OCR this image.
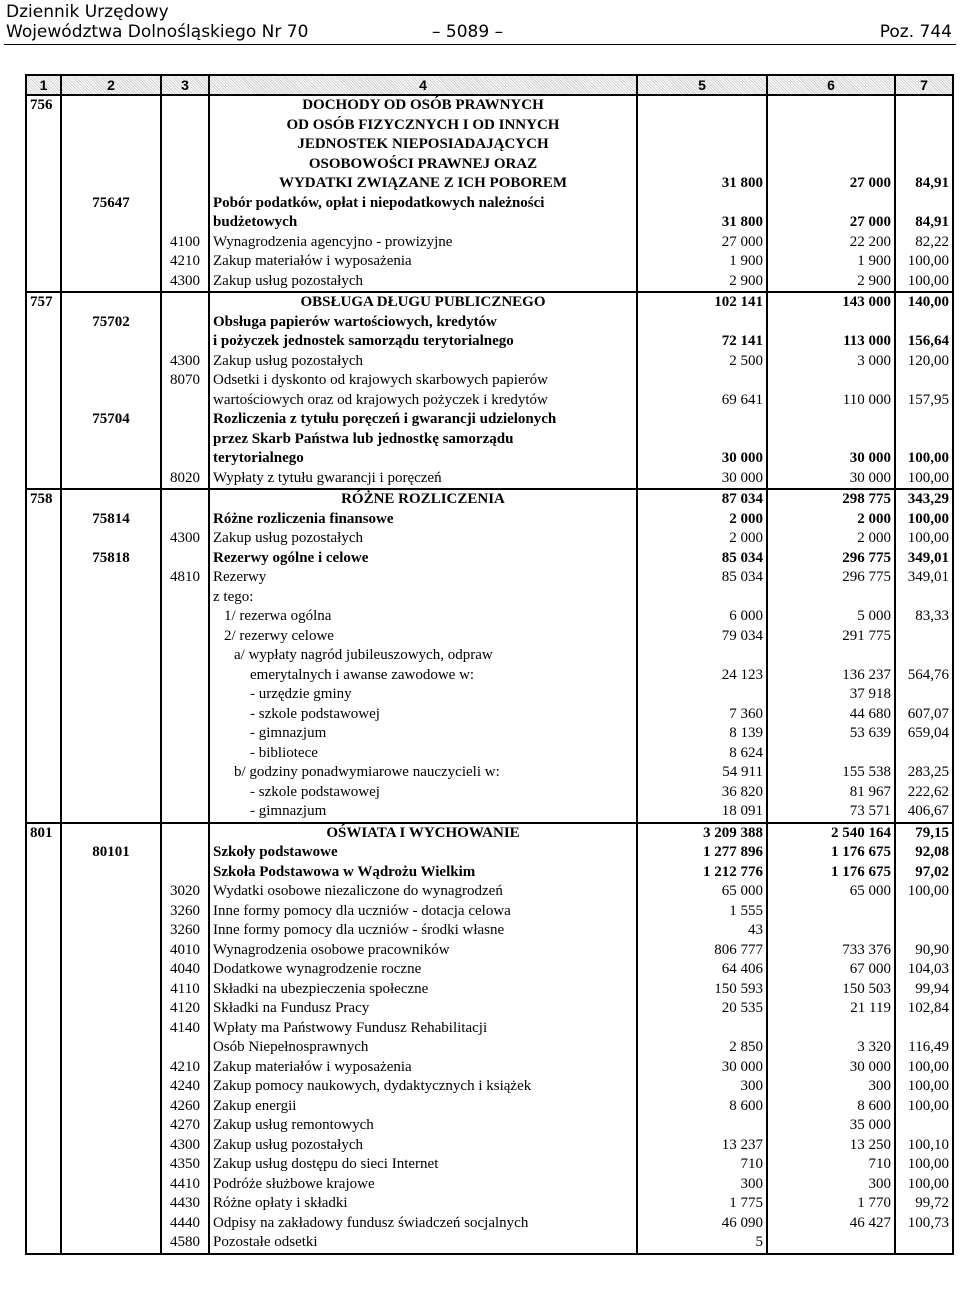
Dziennik Urzędowy
Województwa Dolnośląskiego Nr 70	– 5089 –	Poz. 744
1	2	3	4	5	6	7
756			DOCHODY OD OSÓB PRAWNYCH			
			OD OSÓB FIZYCZNYCH I OD INNYCH			
			JEDNOSTEK NIEPOSIADAJĄCYCH			
			OSOBOWOŚCI PRAWNEJ ORAZ			
			WYDATKI ZWIĄZANE Z ICH POBOREM	31 800	27 000	84,91
	75647		Pobór podatków, opłat i niepodatkowych należności			
			budżetowych	31 800	27 000	84,91
		4100	Wynagrodzenia agencyjno - prowizyjne	27 000	22 200	82,22
		4210	Zakup materiałów i wyposażenia	1 900	1 900	100,00
		4300	Zakup usług pozostałych	2 900	2 900	100,00
757			OBSŁUGA DŁUGU PUBLICZNEGO	102 141	143 000	140,00
	75702		Obsługa papierów wartościowych, kredytów			
			i pożyczek jednostek samorządu terytorialnego	72 141	113 000	156,64
		4300	Zakup usług pozostałych	2 500	3 000	120,00
		8070	Odsetki i dyskonto od krajowych skarbowych papierów			
			wartościowych oraz od krajowych pożyczek i kredytów	69 641	110 000	157,95
	75704		Rozliczenia z tytułu poręczeń i gwarancji udzielonych			
			przez Skarb Państwa lub jednostkę samorządu			
			terytorialnego	30 000	30 000	100,00
		8020	Wypłaty z tytułu gwarancji i poręczeń	30 000	30 000	100,00
758			RÓŻNE ROZLICZENIA	87 034	298 775	343,29
	75814		Różne rozliczenia finansowe	2 000	2 000	100,00
		4300	Zakup usług pozostałych	2 000	2 000	100,00
	75818		Rezerwy ogólne i celowe	85 034	296 775	349,01
		4810	Rezerwy	85 034	296 775	349,01
			z tego:			
			1/ rezerwa ogólna	6 000	5 000	83,33
			2/ rezerwy celowe	79 034	291 775	
			a/ wypłaty nagród jubileuszowych, odpraw			
			emerytalnych i awanse zawodowe w:	24 123	136 237	564,76
			- urzędzie gminy		37 918	
			- szkole podstawowej	7 360	44 680	607,07
			- gimnazjum	8 139	53 639	659,04
			- bibliotece	8 624		
			b/ godziny ponadwymiarowe nauczycieli w:	54 911	155 538	283,25
			- szkole podstawowej	36 820	81 967	222,62
			- gimnazjum	18 091	73 571	406,67
801			OŚWIATA I WYCHOWANIE	3 209 388	2 540 164	79,15
	80101		Szkoły podstawowe	1 277 896	1 176 675	92,08
			Szkoła Podstawowa w Wądrożu Wielkim	1 212 776	1 176 675	97,02
		3020	Wydatki osobowe niezaliczone do wynagrodzeń	65 000	65 000	100,00
		3260	Inne formy pomocy dla uczniów - dotacja celowa	1 555		
		3260	Inne formy pomocy dla uczniów - środki własne	43		
		4010	Wynagrodzenia osobowe pracowników	806 777	733 376	90,90
		4040	Dodatkowe wynagrodzenie roczne	64 406	67 000	104,03
		4110	Składki na ubezpieczenia społeczne	150 593	150 503	99,94
		4120	Składki na Fundusz Pracy	20 535	21 119	102,84
		4140	Wpłaty ma Państwowy Fundusz Rehabilitacji			
			Osób Niepełnosprawnych	2 850	3 320	116,49
		4210	Zakup materiałów i wyposażenia	30 000	30 000	100,00
		4240	Zakup pomocy naukowych, dydaktycznych i książek	300	300	100,00
		4260	Zakup energii	8 600	8 600	100,00
		4270	Zakup usług remontowych		35 000	
		4300	Zakup usług pozostałych	13 237	13 250	100,10
		4350	Zakup usług dostępu do sieci Internet	710	710	100,00
		4410	Podróże służbowe krajowe	300	300	100,00
		4430	Różne opłaty i składki	1 775	1 770	99,72
		4440	Odpisy na zakładowy fundusz świadczeń socjalnych	46 090	46 427	100,73
		4580	Pozostałe odsetki	5		
